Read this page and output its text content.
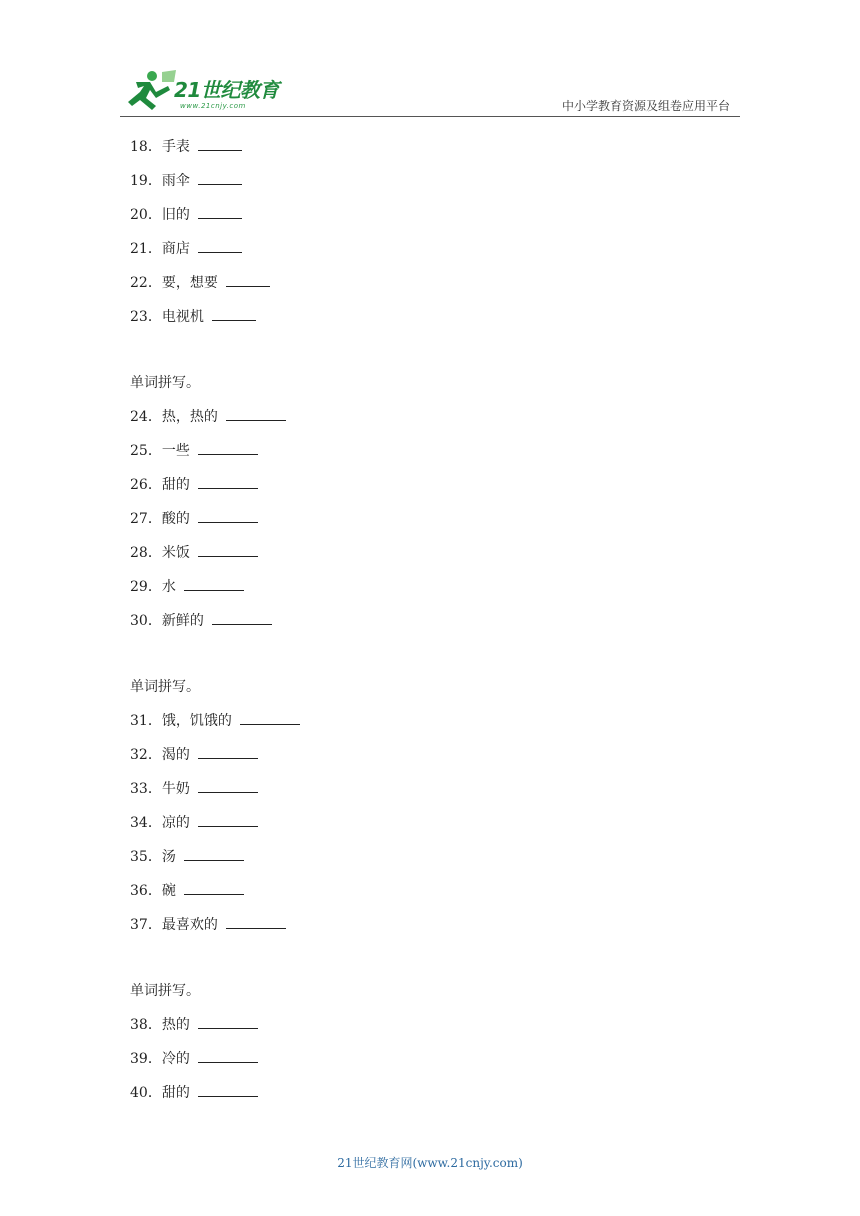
21世纪教育
www.21cnjy.com	中小学教育资源及组卷应用平台
18．手表
19．雨伞
20．旧的
21．商店
22．要，想要
23．电视机
单词拼写。
24．热，热的
25．一些
26．甜的
27．酸的
28．米饭
29．水
30．新鲜的
单词拼写。
31．饿，饥饿的
32．渴的
33．牛奶
34．凉的
35．汤
36．碗
37．最喜欢的
单词拼写。
38．热的
39．冷的
40．甜的
21世纪教育网(www.21cnjy.com)
